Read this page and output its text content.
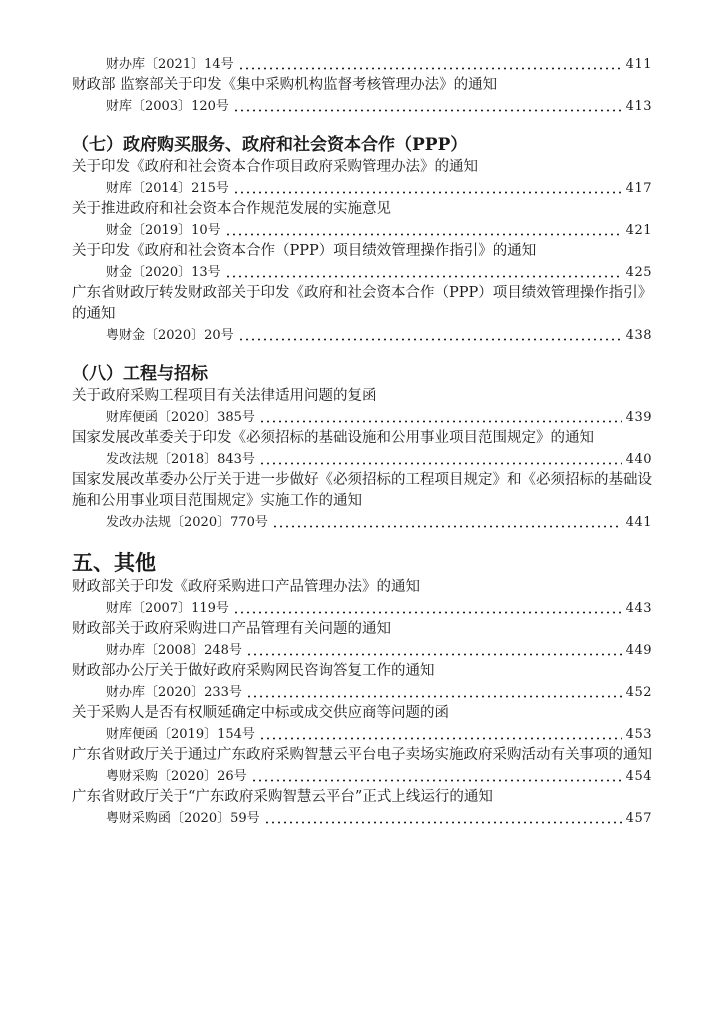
财办库〔2021〕14号	411
财政部 监察部关于印发《集中采购机构监督考核管理办法》的通知
财库〔2003〕120号	413
（七）政府购买服务、政府和社会资本合作（PPP）
关于印发《政府和社会资本合作项目政府采购管理办法》的通知
财库〔2014〕215号	417
关于推进政府和社会资本合作规范发展的实施意见
财金〔2019〕10号	421
关于印发《政府和社会资本合作（PPP）项目绩效管理操作指引》的通知
财金〔2020〕13号	425
广东省财政厅转发财政部关于印发《政府和社会资本合作（PPP）项目绩效管理操作指引》的通知
粤财金〔2020〕20号	438
（八）工程与招标
关于政府采购工程项目有关法律适用问题的复函
财库便函〔2020〕385号	439
国家发展改革委关于印发《必须招标的基础设施和公用事业项目范围规定》的通知
发改法规〔2018〕843号	440
国家发展改革委办公厅关于进一步做好《必须招标的工程项目规定》和《必须招标的基础设施和公用事业项目范围规定》实施工作的通知
发改办法规〔2020〕770号	441
五、其他
财政部关于印发《政府采购进口产品管理办法》的通知
财库〔2007〕119号	443
财政部关于政府采购进口产品管理有关问题的通知
财办库〔2008〕248号	449
财政部办公厅关于做好政府采购网民咨询答复工作的通知
财办库〔2020〕233号	452
关于采购人是否有权顺延确定中标或成交供应商等问题的函
财库便函〔2019〕154号	453
广东省财政厅关于通过广东政府采购智慧云平台电子卖场实施政府采购活动有关事项的通知
粤财采购〔2020〕26号	454
广东省财政厅关于“广东政府采购智慧云平台”正式上线运行的通知
粤财采购函〔2020〕59号	457
